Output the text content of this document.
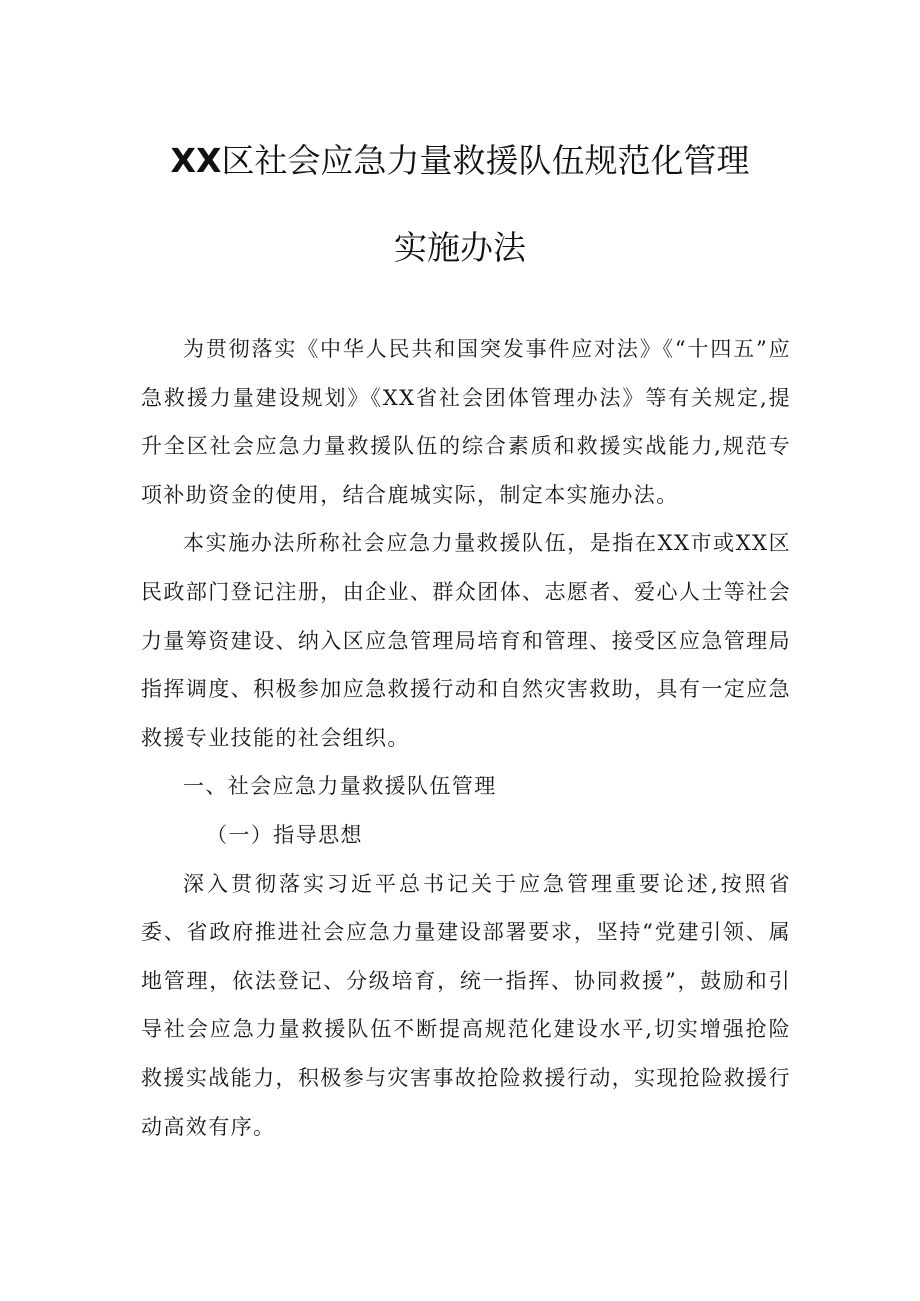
XX区社会应急力量救援队伍规范化管理
实施办法

为贯彻落实《中华人民共和国突发事件应对法》《“十四五”应急救援力量建设规划》《XX省社会团体管理办法》等有关规定,提升全区社会应急力量救援队伍的综合素质和救援实战能力,规范专项补助资金的使用，结合鹿城实际，制定本实施办法。

本实施办法所称社会应急力量救援队伍，是指在XX市或XX区民政部门登记注册，由企业、群众团体、志愿者、爱心人士等社会力量筹资建设、纳入区应急管理局培育和管理、接受区应急管理局指挥调度、积极参加应急救援行动和自然灾害救助，具有一定应急救援专业技能的社会组织。

一、社会应急力量救援队伍管理

（一）指导思想

深入贯彻落实习近平总书记关于应急管理重要论述,按照省委、省政府推进社会应急力量建设部署要求，坚持“党建引领、属地管理，依法登记、分级培育，统一指挥、协同救援”，鼓励和引导社会应急力量救援队伍不断提高规范化建设水平,切实增强抢险救援实战能力，积极参与灾害事故抢险救援行动，实现抢险救援行动高效有序。
